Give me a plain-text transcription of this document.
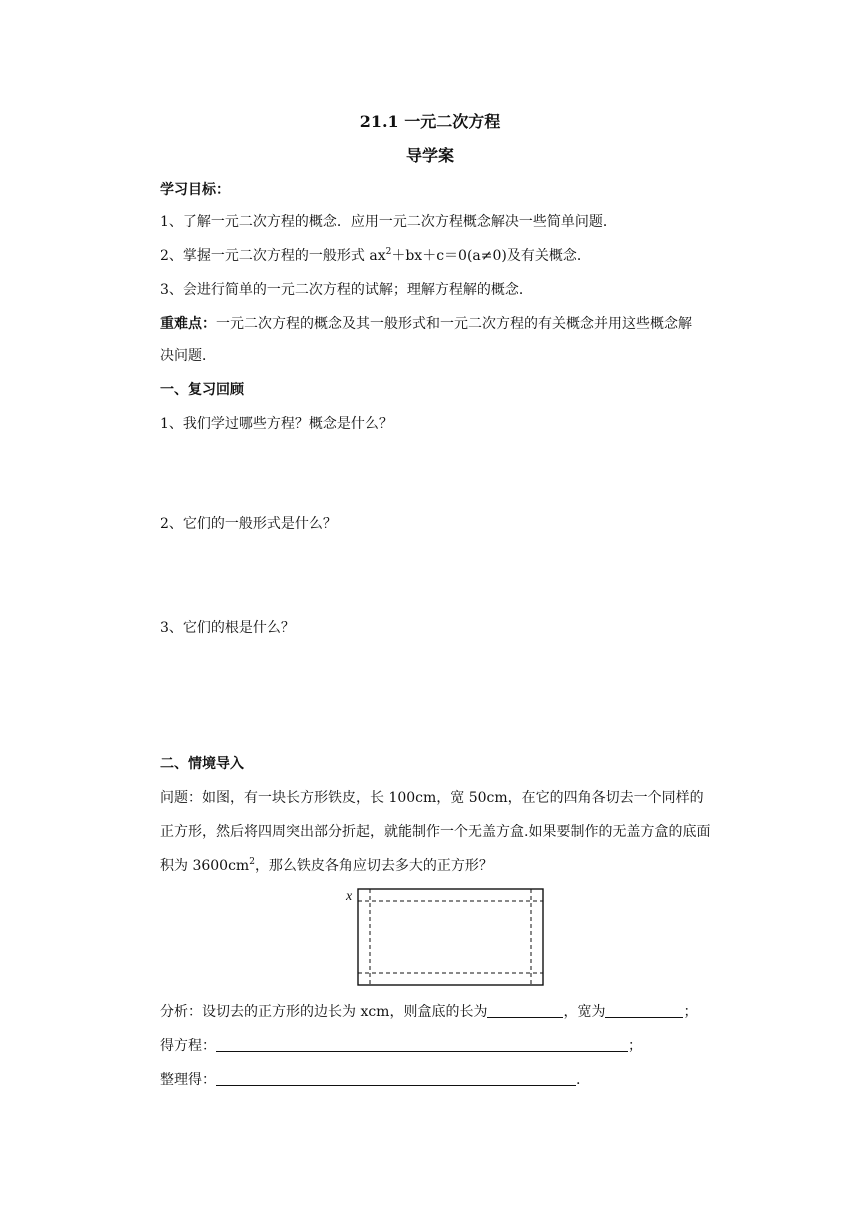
21.1 一元二次方程
导学案
学习目标：
1、了解一元二次方程的概念．应用一元二次方程概念解决一些简单问题．
2、掌握一元二次方程的一般形式 $ax^2+bx+c=0(a\ne 0)$及有关概念．
3、会进行简单的一元二次方程的试解；理解方程解的概念．
重难点：一元二次方程的概念及其一般形式和一元二次方程的有关概念并用这些概念解
决问题．
一、复习回顾
1、我们学过哪些方程？概念是什么？
2、它们的一般形式是什么？
3、它们的根是什么？
二、情境导入
问题：如图，有一块长方形铁皮，长 100cm，宽 50cm，在它的四角各切去一个同样的
正方形，然后将四周突出部分折起，就能制作一个无盖方盒.如果要制作的无盖方盒的底面
积为 $3600cm^2$，那么铁皮各角应切去多大的正方形？
x
分析：设切去的正方形的边长为 xcm，则盒底的长为	，宽为	；
得方程：	；
整理得：	.
